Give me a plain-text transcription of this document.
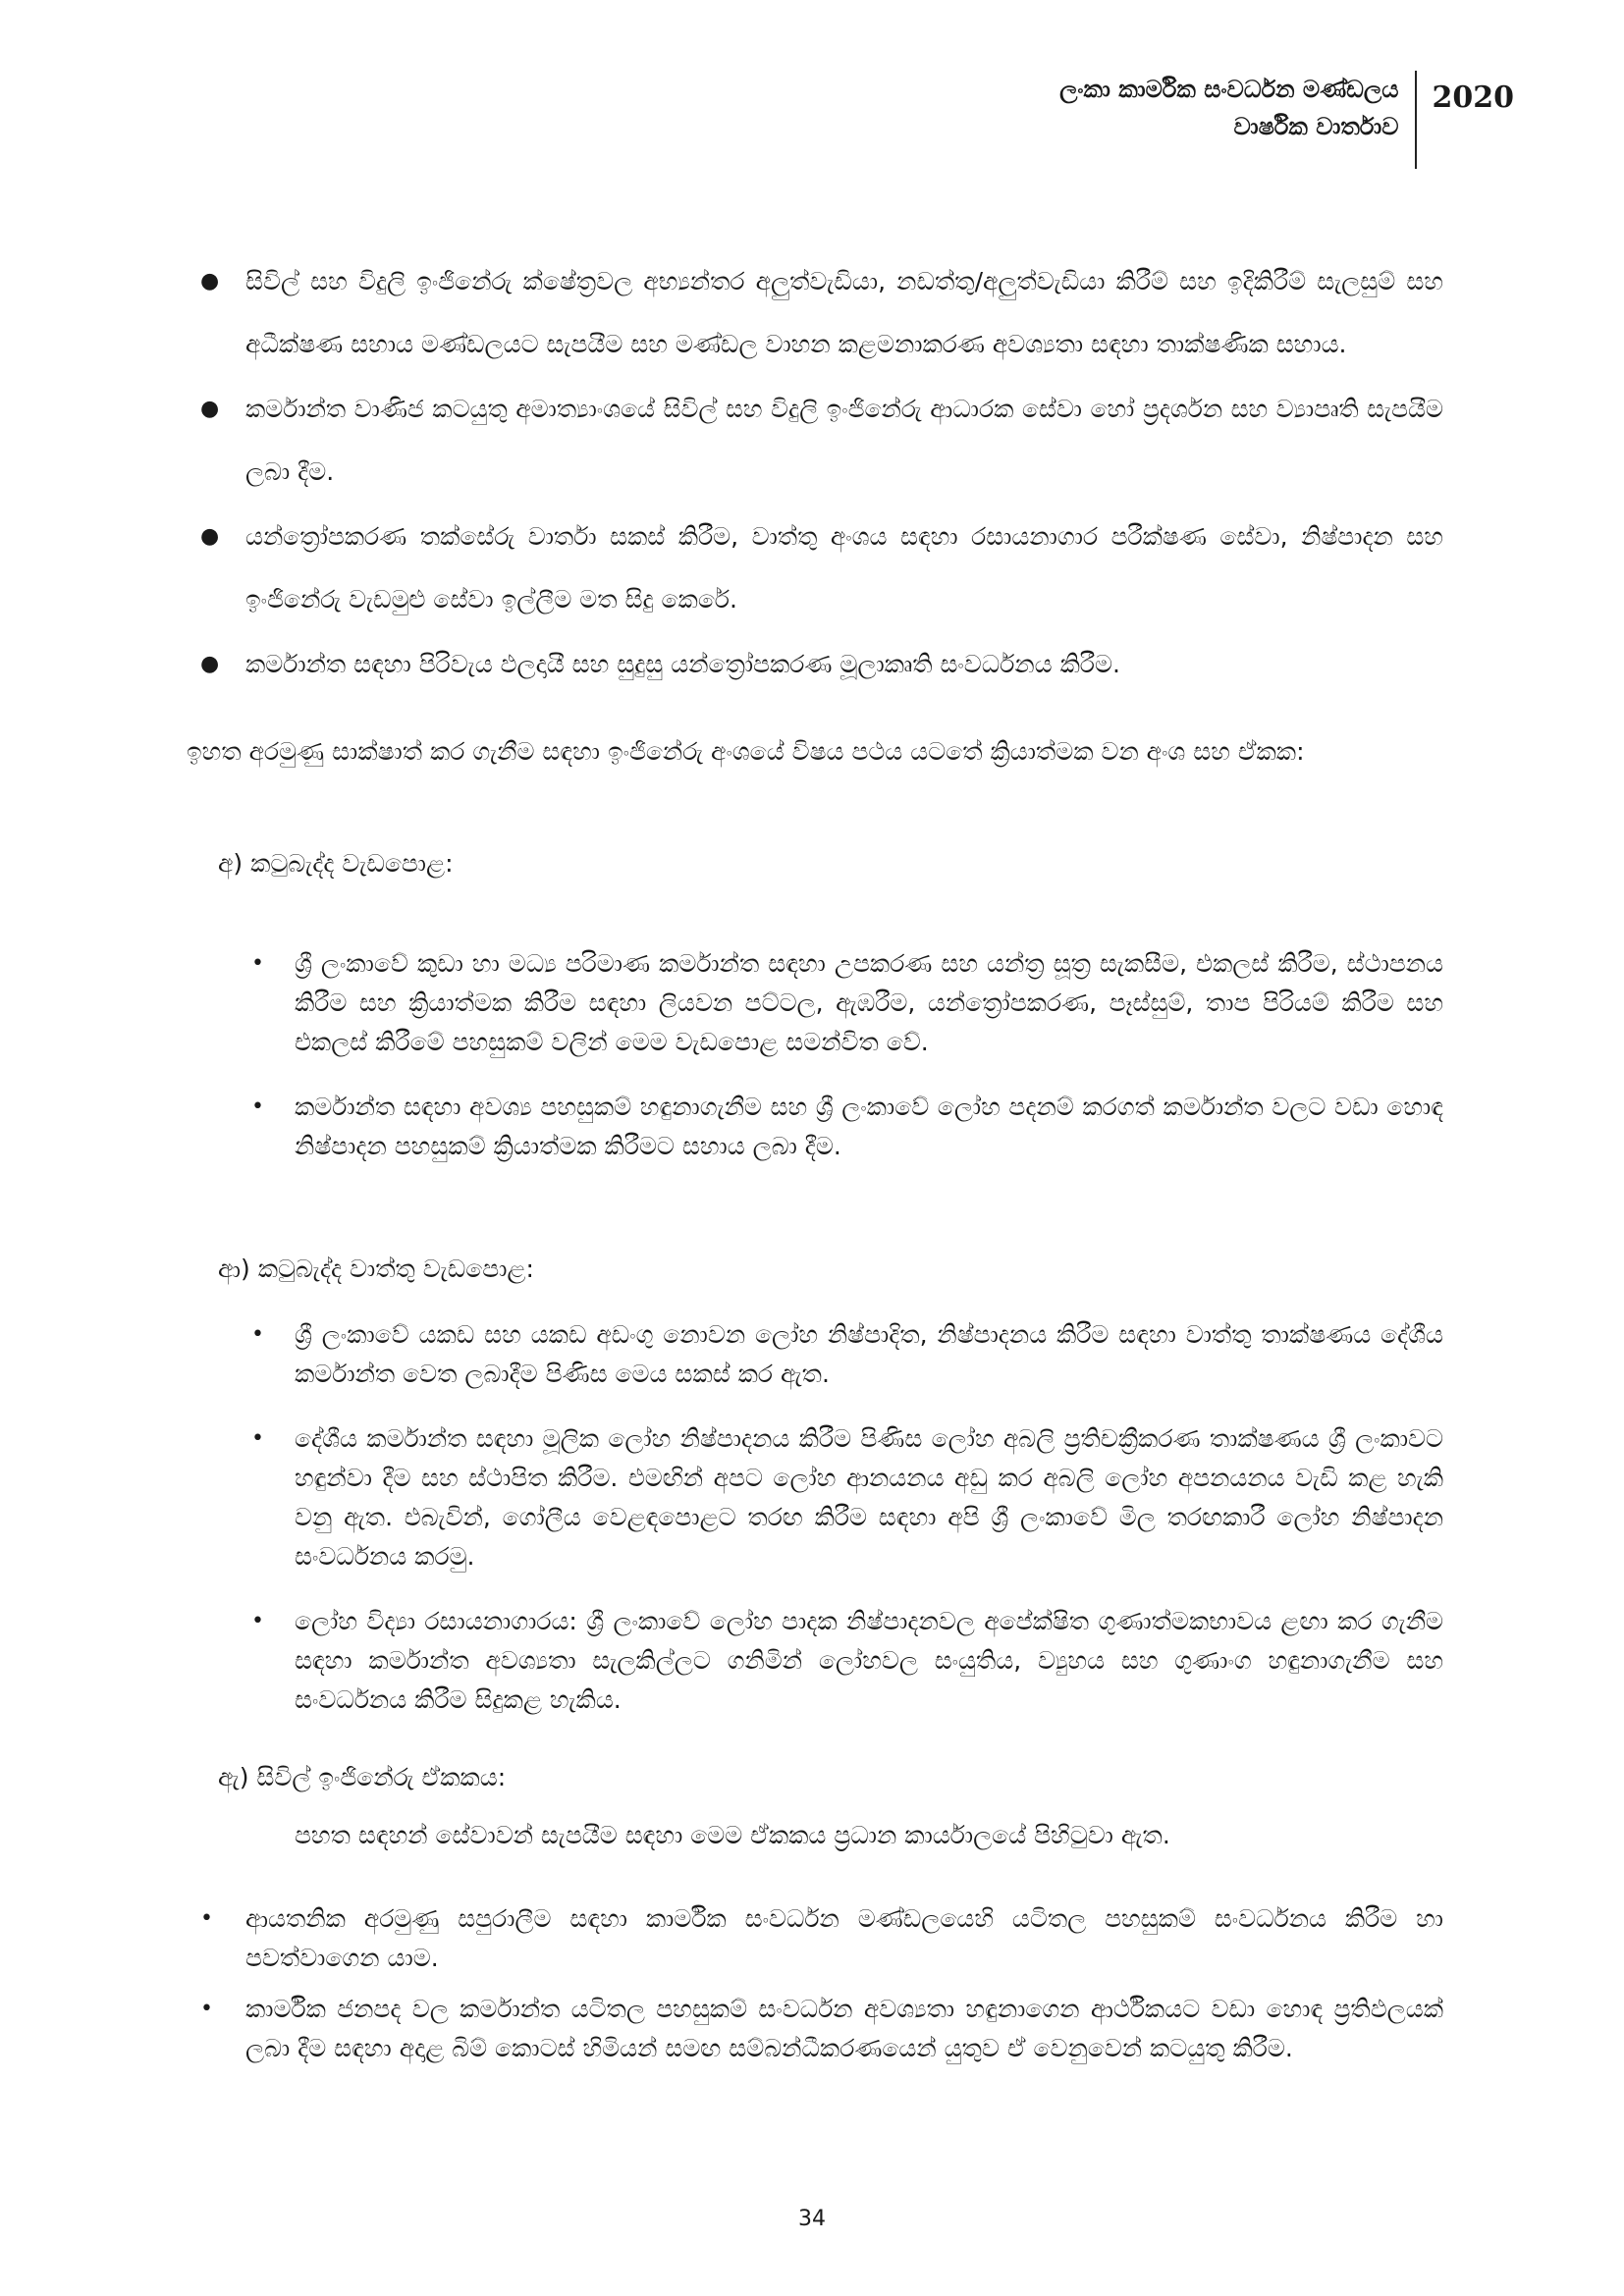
ලංකා කාර්මික සංවර්ධන මණ්ඩලය
වාර්ෂික වාර්තාව
2020
● සිවිල් සහ විදුලි ඉංජිනේරු ක්ෂේත්‍රවල අභ්‍යන්තර අලුත්වැඩියා, නඩත්තු/අලුත්වැඩියා කිරීම් සහ ඉදිකිරීම් සැලසුම් සහ අධීක්ෂණ සහාය මණ්ඩලයට සැපයීම සහ මණ්ඩල වාහන කළමනාකරණ අවශ්‍යතා සඳහා තාක්ෂණික සහාය.
● කර්මාන්ත වාණිජ කටයුතු අමාත්‍යාංශයේ සිවිල් සහ විදුලි ඉංජිනේරු ආධාරක සේවා හෝ ප්‍රදර්ශන සහ ව්‍යාපෘති සැපයීම ලබා දීම.
● යන්ත්‍රෝපකරණ තක්සේරු වාර්තා සකස් කිරීම, වාත්තු අංශය සඳහා රසායනාගාර පරීක්ෂණ සේවා, නිෂ්පාදන සහ ඉංජිනේරු වැඩමුළු සේවා ඉල්ලීම මත සිදු කෙරේ.
● කර්මාන්ත සඳහා පිරිවැය ඵලදායී සහ සුදුසු යන්ත්‍රෝපකරණ මූලාකෘති සංවර්ධනය කිරීම.
ඉහත අරමුණු සාක්ෂාත් කර ගැනීම සඳහා ඉංජිනේරු අංශයේ විෂය පථය යටතේ ක්‍රියාත්මක වන අංශ සහ ඒකක:
අ) කටුබැද්ද වැඩපොළ:
• ශ්‍රී ලංකාවේ කුඩා හා මධ්‍ය පරිමාණ කර්මාන්ත සඳහා උපකරණ සහ යන්ත්‍ර සූත්‍ර සැකසීම, එකලස් කිරීම, ස්ථාපනය කිරීම සහ ක්‍රියාත්මක කිරීම සඳහා ලියවන පට්ටල, ඇඹරීම, යන්ත්‍රෝපකරණ, පෑස්සුම්, තාප පිරියම් කිරීම සහ එකලස් කිරීමේ පහසුකම් වලින් මෙම වැඩපොළ සමන්විත වේ.
• කර්මාන්ත සඳහා අවශ්‍ය පහසුකම් හඳුනාගැනීම සහ ශ්‍රී ලංකාවේ ලෝහ පදනම් කරගත් කර්මාන්ත වලට වඩා හොඳ නිෂ්පාදන පහසුකම් ක්‍රියාත්මක කිරීමට සහාය ලබා දීම.
ආ) කටුබැද්ද වාත්තු වැඩපොළ:
• ශ්‍රී ලංකාවේ යකඩ සහ යකඩ අඩංගු නොවන ලෝහ නිෂ්පාදිත, නිෂ්පාදනය කිරීම සඳහා වාත්තු තාක්ෂණය දේශීය කර්මාන්ත වෙත ලබාදීම පිණිස මෙය සකස් කර ඇත.
• දේශීය කර්මාන්ත සඳහා මූලික ලෝහ නිෂ්පාදනය කිරීම පිණිස ලෝහ අබලි ප්‍රතිචක්‍රීකරණ තාක්ෂණය ශ්‍රී ලංකාවට හඳුන්වා දීම සහ ස්ථාපිත කිරීම. එමඟින් අපට ලෝහ ආනයනය අඩු කර අබලි ලෝහ අපනයනය වැඩි කළ හැකි වනු ඇත. එබැවින්, ගෝලීය වෙළඳපොළට තරඟ කිරීම සඳහා අපි ශ්‍රී ලංකාවේ මිල තරඟකාරී ලෝහ නිෂ්පාදන සංවර්ධනය කරමු.
• ලෝහ විද්‍යා රසායනාගාරය: ශ්‍රී ලංකාවේ ලෝහ පාදක නිෂ්පාදනවල අපේක්ෂිත ගුණාත්මකභාවය ළඟා කර ගැනීම සඳහා කර්මාන්ත අවශ්‍යතා සැලකිල්ලට ගනිමින් ලෝහවල සංයුතිය, ව්‍යුහය සහ ගුණාංග හඳුනාගැනීම සහ සංවර්ධනය කිරීම සිදුකළ හැකිය.
ඇ) සිවිල් ඉංජිනේරු ඒකකය:
පහත සඳහන් සේවාවන් සැපයීම සඳහා මෙම ඒකකය ප්‍රධාන කාර්යාලයේ පිහිටුවා ඇත.
• ආයතනික අරමුණු සපුරාලීම සඳහා කාර්මික සංවර්ධන මණ්ඩලයෙහි යටිතල පහසුකම් සංවර්ධනය කිරීම හා පවත්වාගෙන යාම.
• කාර්මික ජනපද වල කර්මාන්ත යටිතල පහසුකම් සංවර්ධන අවශ්‍යතා හඳුනාගෙන ආර්ථිකයට වඩා හොඳ ප්‍රතිඵලයක් ලබා දීම සඳහා අදාළ බිම් කොටස් හිමියන් සමඟ සම්බන්ධීකරණයෙන් යුතුව ඒ වෙනුවෙන් කටයුතු කිරීම.
34
